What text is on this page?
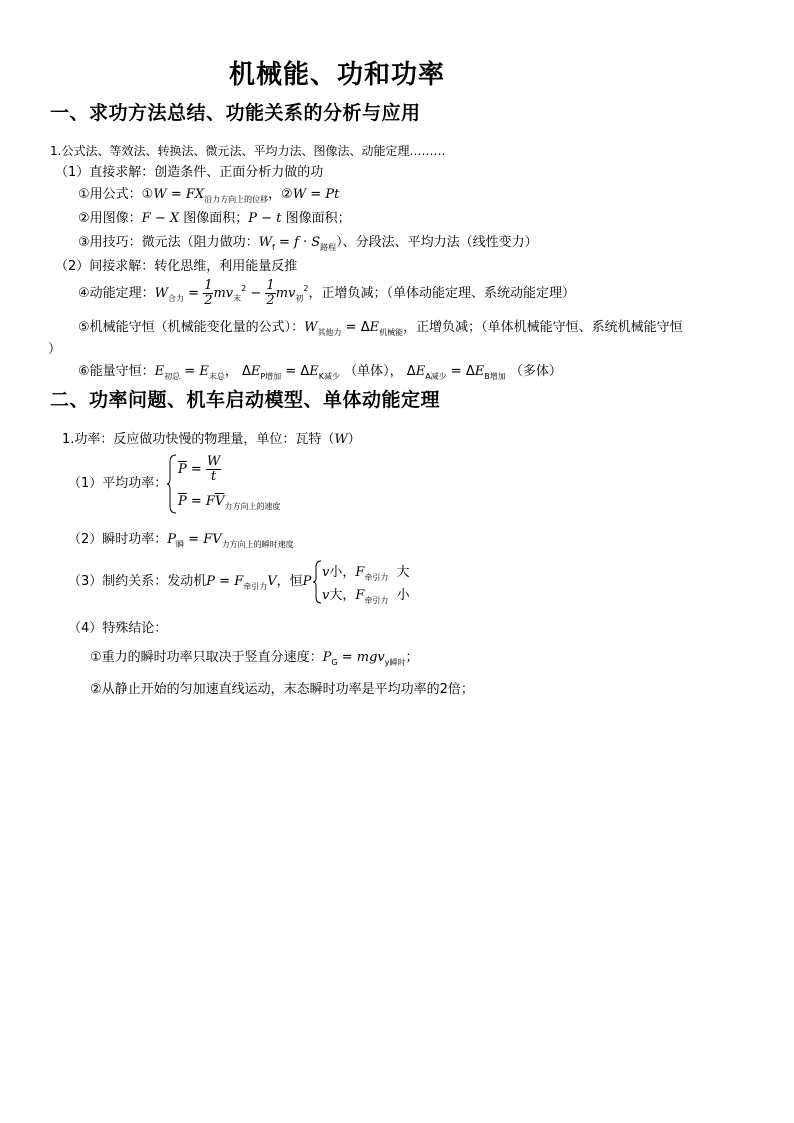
机械能、功和功率
一、求功方法总结、功能关系的分析与应用
1.公式法、等效法、转换法、微元法、平均力法、图像法、动能定理………
（1）直接求解：创造条件、正面分析力做的功
①用公式：①W = $FX_{沿力方向上的位移}$，②W = Pt
②用图像：F − X 图像面积；P − t 图像面积；
③用技巧：微元法（阻力做功：$W_f = f \cdot S_{路程}$）、分段法、平均力法（线性变力）
（2）间接求解：转化思维，利用能量反推
④动能定理：$W_{合力} = \frac{1}{2} mv_末^2 - \frac{1}{2} mv_初^2$，正增负减；（单体动能定理、系统动能定理）
⑤机械能守恒（机械能变化量的公式）：$W_{其他力} = \Delta E_{机械能}$，正增负减；（单体机械能守恒、系统机械能守恒
）
⑥能量守恒：$E_{初总} = E_{末总}$， $\Delta E_{P增加} = \Delta E_{K减少}$ （单体）， $\Delta E_{A减少} = \Delta E_{B增加}$ （多体）
二、功率问题、机车启动模型、单体动能定理
1.功率：反应做功快慢的物理量，单位：瓦特（W）
（1）平均功率：
$\overline{P} = \frac{W}{t}$
$\overline{P} = F\overline{V}_{力方向上的速度}$
（2）瞬时功率：$P_瞬 = FV_{力方向上的瞬时速度}$
（3）制约关系：发动机$P = F_{牵引力}V$，恒P
v小，$F_{牵引力}$ 大
v大，$F_{牵引力}$ 小
（4）特殊结论：
①重力的瞬时功率只取决于竖直分速度：$P_G = mgv_{y瞬时}$；
②从静止开始的匀加速直线运动，末态瞬时功率是平均功率的2倍；
